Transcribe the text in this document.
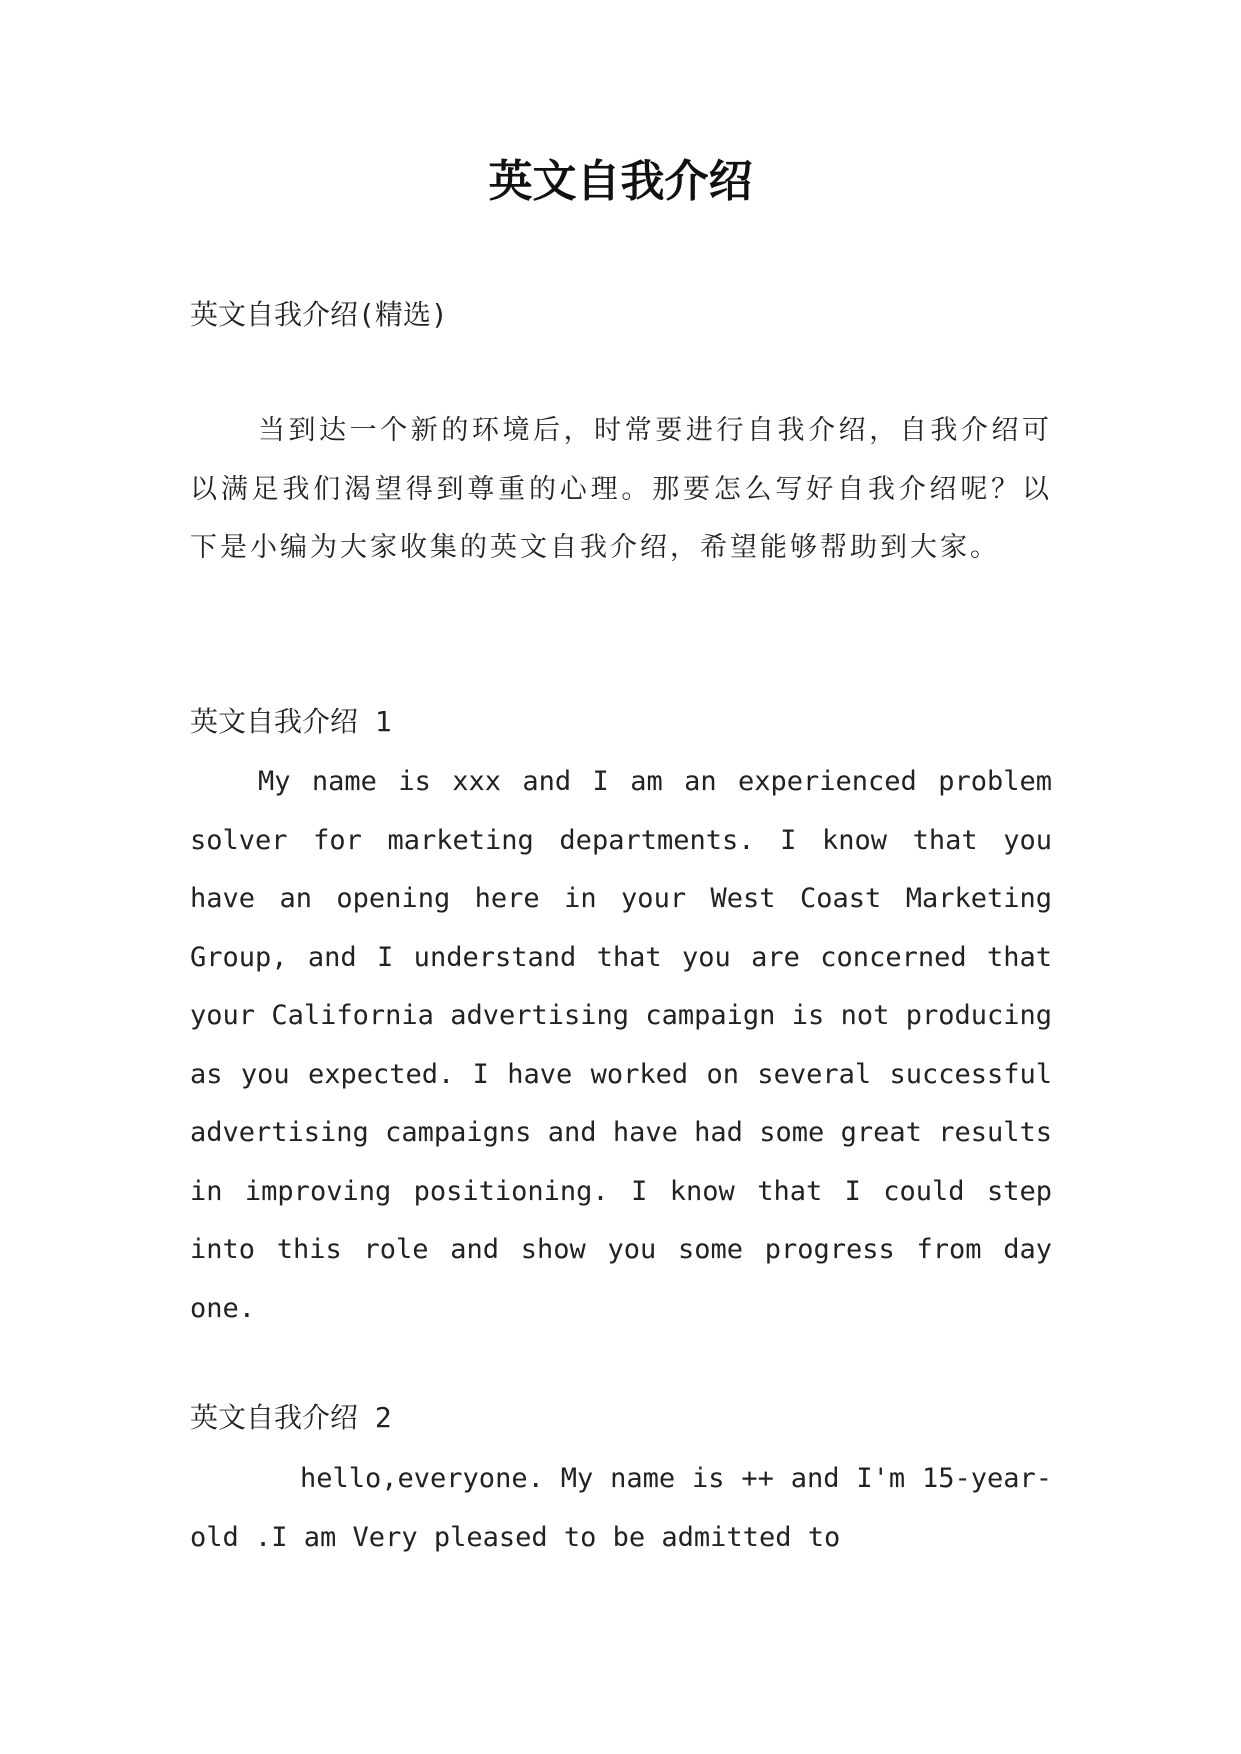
英文自我介绍
英文自我介绍(精选)
当到达一个新的环境后，时常要进行自我介绍，自我介绍可以满足我们渴望得到尊重的心理。那要怎么写好自我介绍呢？以下是小编为大家收集的英文自我介绍，希望能够帮助到大家。
英文自我介绍 1
My name is xxx and I am an experienced problem solver for marketing departments. I know that you have an opening here in your West Coast Marketing Group, and I understand that you are concerned that your California advertising campaign is not producing as you expected. I have worked on several successful advertising campaigns and have had some great results in improving positioning. I know that I could step into this role and show you some progress from day one.
英文自我介绍 2
hello,everyone. My name is ++ and I'm 15-year-old .I am Very pleased to be admitted to
